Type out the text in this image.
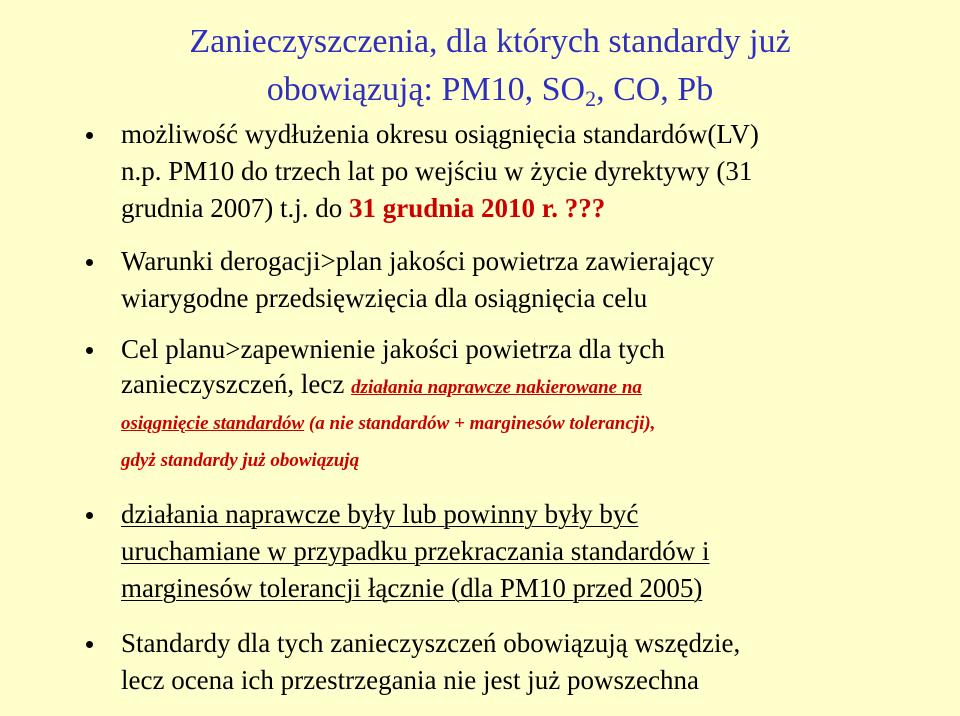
Zanieczyszczenia, dla których standardy już
obowiązują: PM10, $SO_2$, CO, Pb
możliwość wydłużenia okresu osiągnięcia standardów(LV)
n.p. PM10 do trzech lat po wejściu w życie dyrektywy (31
grudnia 2007) t.j. do 31 grudnia 2010 r. ???
Warunki derogacji>plan jakości powietrza zawierający
wiarygodne przedsięwzięcia dla osiągnięcia celu
Cel planu>zapewnienie jakości powietrza dla tych
zanieczyszczeń, lecz działania naprawcze nakierowane na
osiągnięcie standardów (a nie standardów + marginesów tolerancji),
gdyż standardy już obowiązują
działania naprawcze były lub powinny były być
uruchamiane w przypadku przekraczania standardów i
marginesów tolerancji łącznie (dla PM10 przed 2005)
Standardy dla tych zanieczyszczeń obowiązują wszędzie,
lecz ocena ich przestrzegania nie jest już powszechna
